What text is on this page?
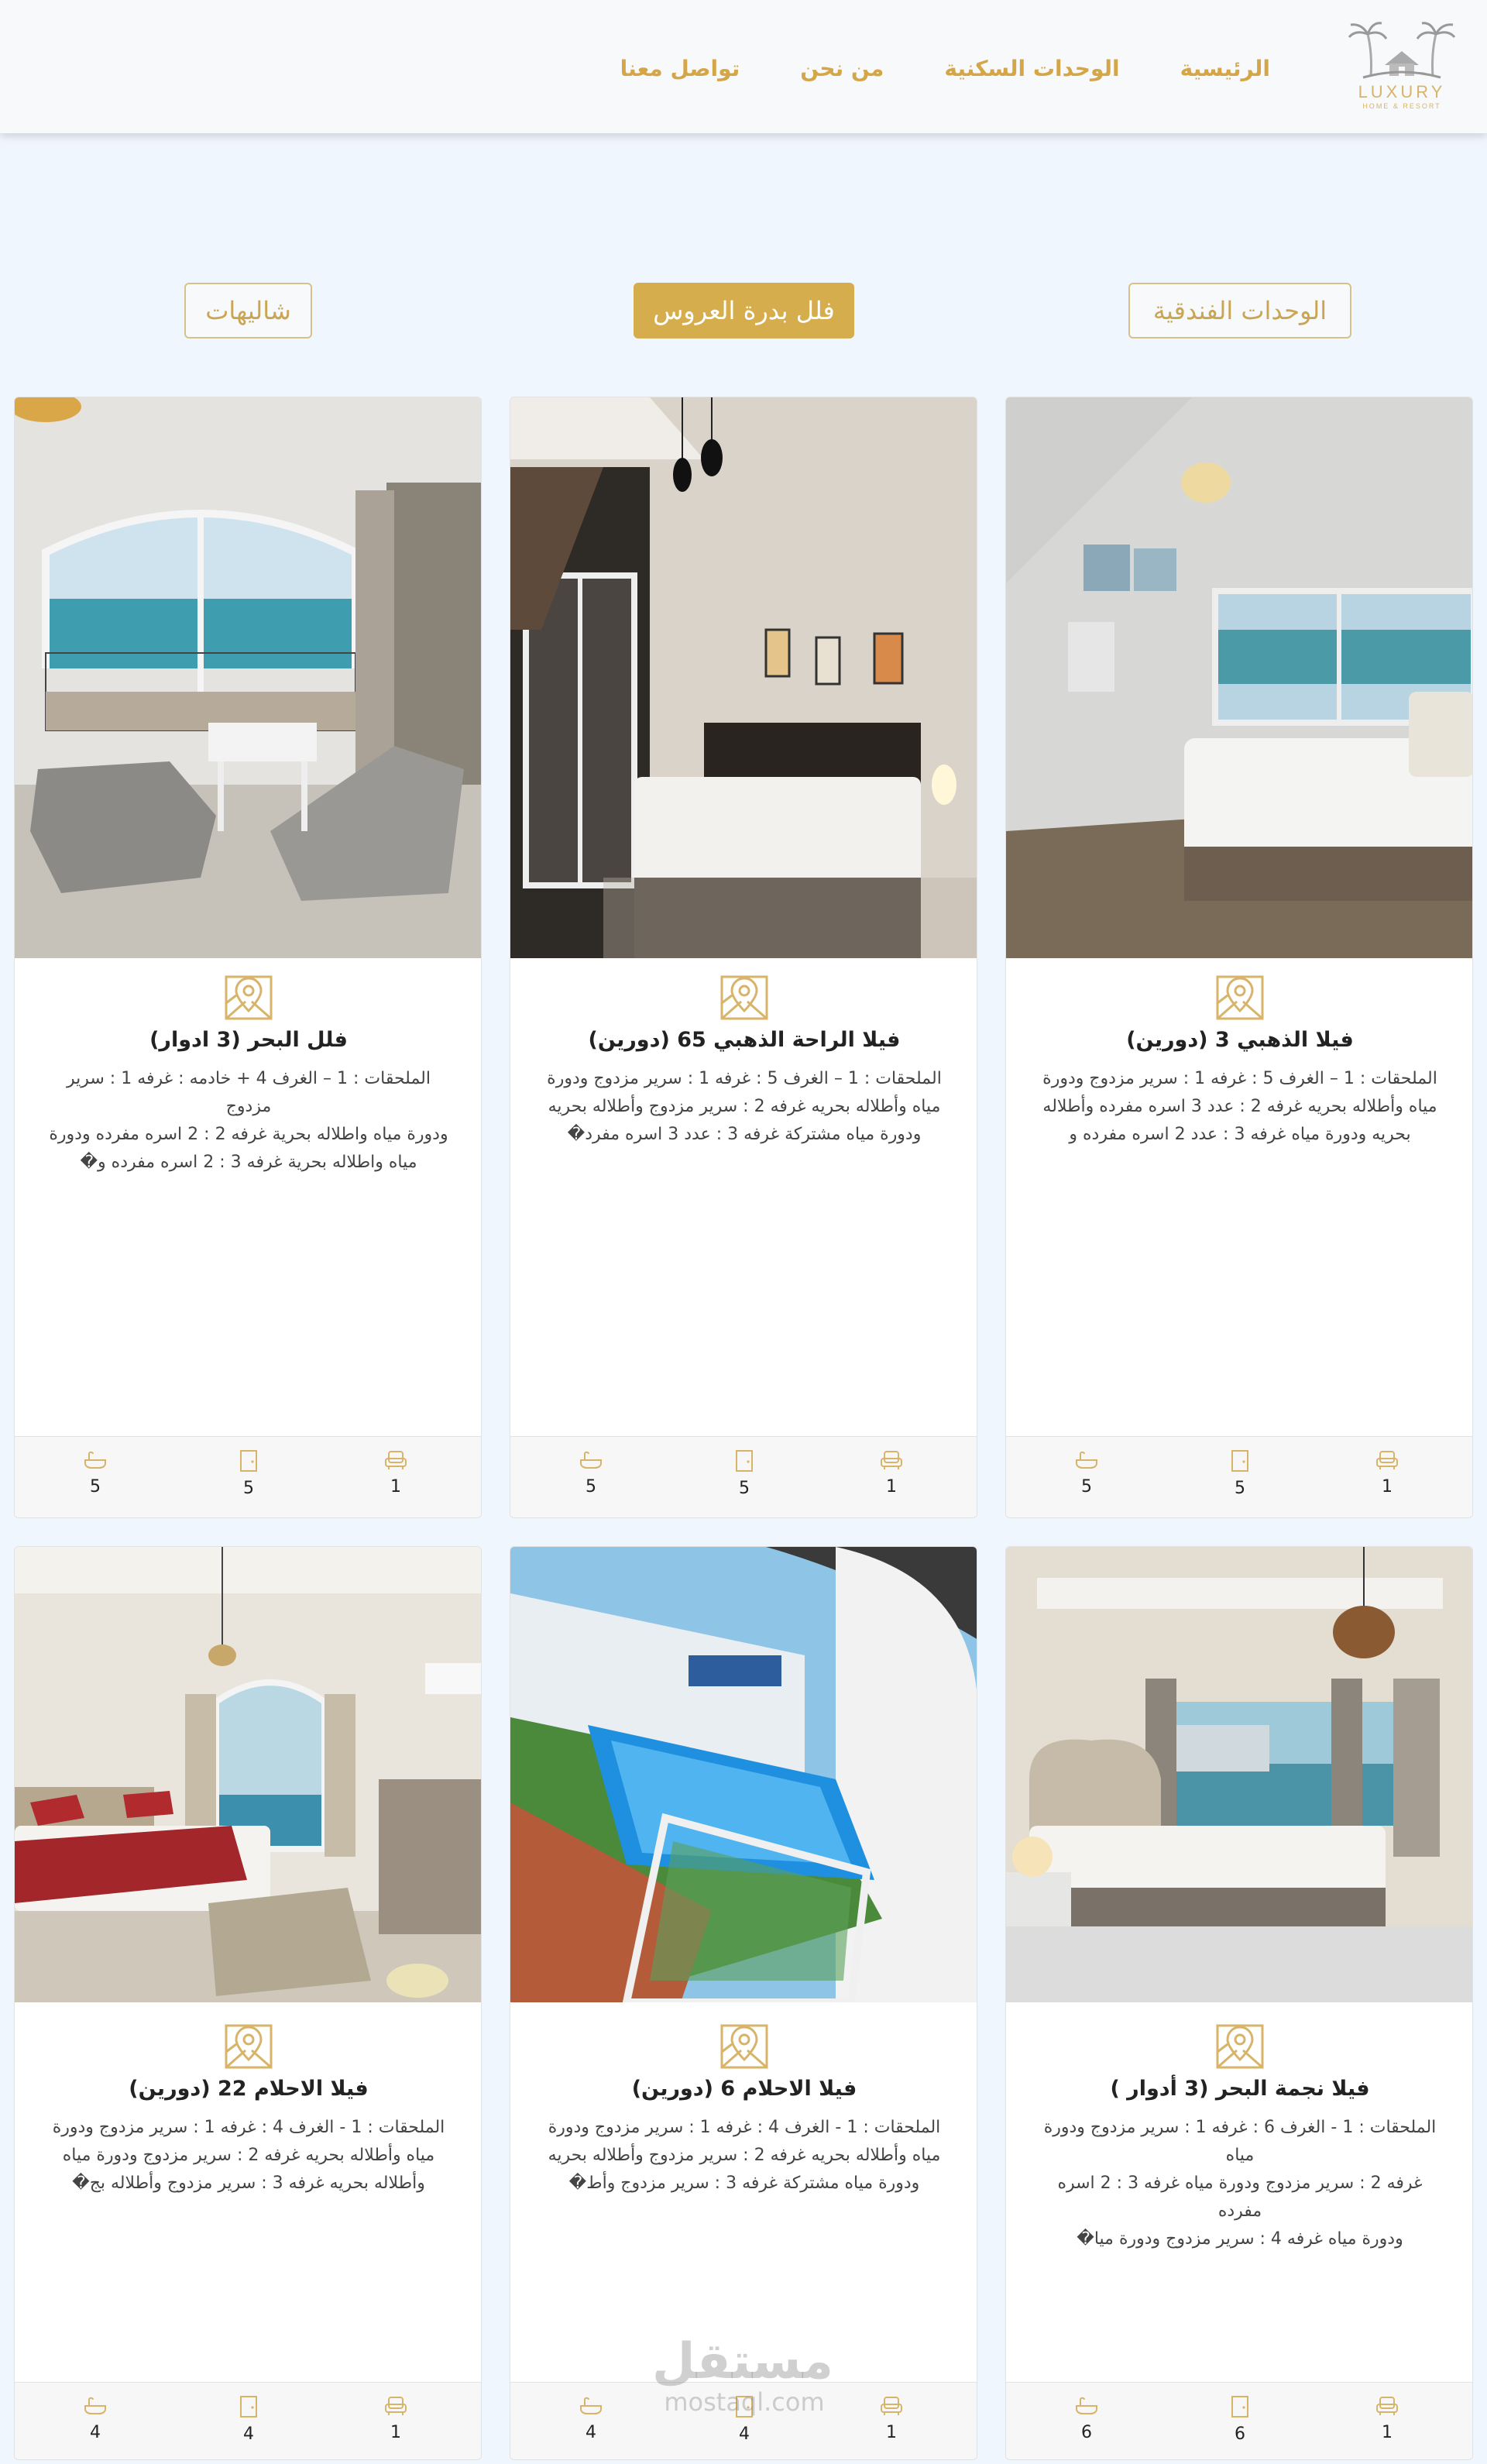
LUXURY
HOME & RESORT
الرئيسية
الوحدات السكنية
من نحن
تواصل معنا
الوحدات الفندقية
فلل بدرة العروس
شاليهات
فيلا الذهبي 3 (دورين)
الملحقات : 1 – الغرف 5 : غرفه 1 : سرير مزدوج ودورة
مياه وأطلاله بحريه غرفه 2 : عدد 3 اسره مفرده وأطلاله
بحريه ودورة مياه غرفه 3 : عدد 2 اسره مفرده و
1
5
5
فيلا الراحة الذهبي 65 (دورين)
الملحقات : 1 – الغرف 5 : غرفه 1 : سرير مزدوج ودورة
مياه وأطلاله بحريه غرفه 2 : سرير مزدوج وأطلاله بحريه
ودورة مياه مشتركة غرفه 3 : عدد 3 اسره مفرد�
1
5
5
فلل البحر (3 ادوار)
الملحقات : 1 – الغرف 4 + خادمه : غرفه 1 : سرير مزدوج
ودورة مياه واطلاله بحرية غرفه 2 : 2 اسره مفرده ودورة
مياه واطلاله بحرية غرفه 3 : 2 اسره مفرده و�
1
5
5
فيلا نجمة البحر (3 أدوار )
الملحقات : 1 - الغرف 6 : غرفه 1 : سرير مزدوج ودورة مياه
غرفه 2 : سرير مزدوج ودورة مياه غرفه 3 : 2 اسره مفرده
ودورة مياه غرفه 4 : سرير مزدوج ودورة ميا�
1
6
6
فيلا الاحلام 6 (دورين)
الملحقات : 1 - الغرف 4 : غرفه 1 : سرير مزدوج ودورة
مياه وأطلاله بحريه غرفه 2 : سرير مزدوج وأطلاله بحريه
ودورة مياه مشتركة غرفه 3 : سرير مزدوج وأط�
1
4
4
فيلا الاحلام 22 (دورين)
الملحقات : 1 - الغرف 4 : غرفه 1 : سرير مزدوج ودورة
مياه وأطلاله بحريه غرفه 2 : سرير مزدوج ودورة مياه
وأطلاله بحريه غرفه 3 : سرير مزدوج وأطلاله بج�
1
4
4
مستقل
mostaql.com
